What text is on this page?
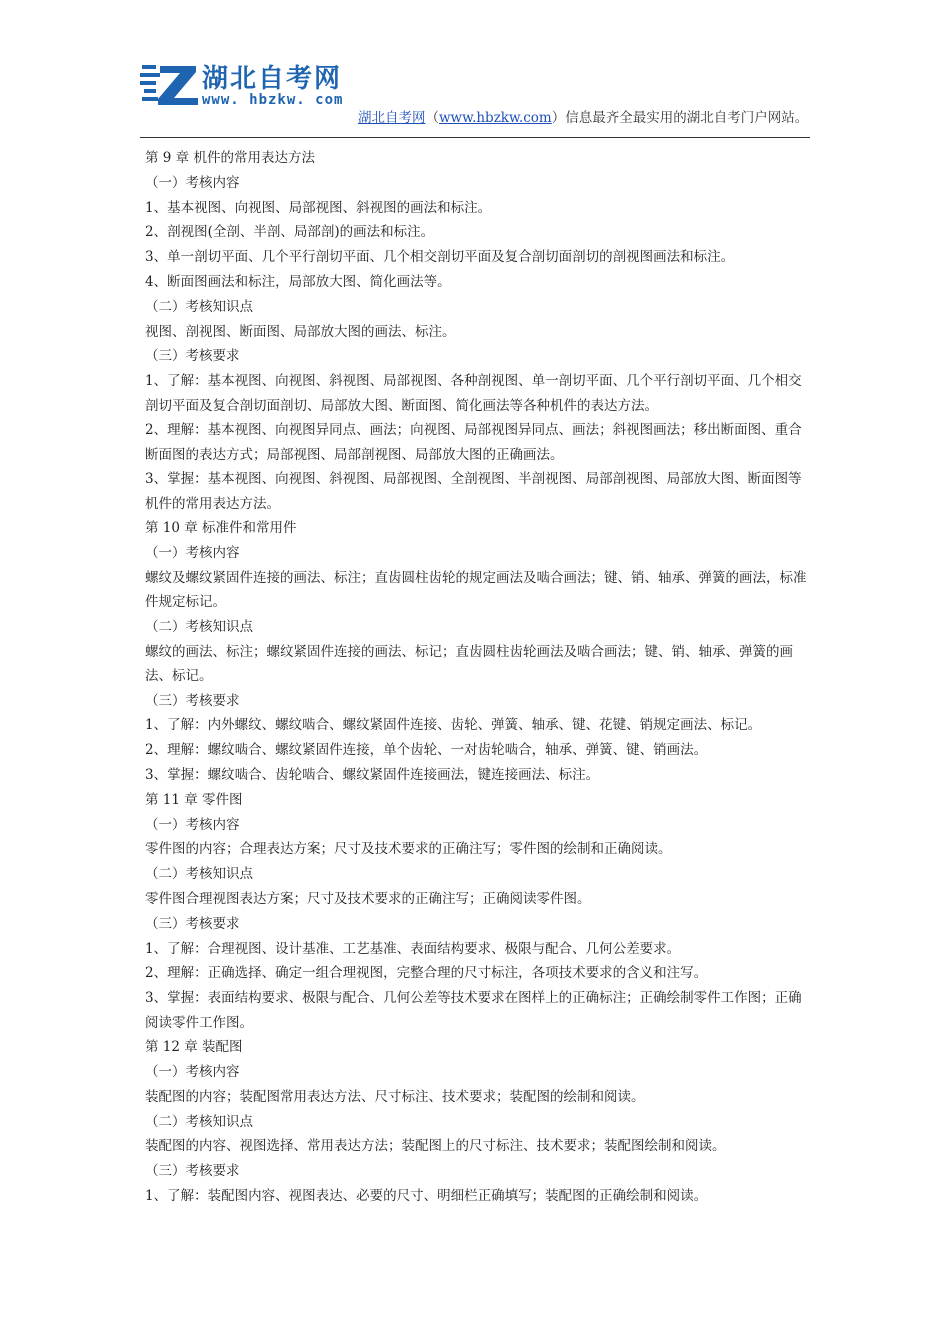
湖北自考网
www. hbzkw. com
湖北自考网（www.hbzkw.com）信息最齐全最实用的湖北自考门户网站。

第 9 章 机件的常用表达方法

（一）考核内容

1、基本视图、向视图、局部视图、斜视图的画法和标注。

2、剖视图(全剖、半剖、局部剖)的画法和标注。

3、单一剖切平面、几个平行剖切平面、几个相交剖切平面及复合剖切面剖切的剖视图画法和标注。

4、断面图画法和标注，局部放大图、简化画法等。

（二）考核知识点

视图、剖视图、断面图、局部放大图的画法、标注。

（三）考核要求

1、了解：基本视图、向视图、斜视图、局部视图、各种剖视图、单一剖切平面、几个平行剖切平面、几个相交剖切平面及复合剖切面剖切、局部放大图、断面图、简化画法等各种机件的表达方法。

2、理解：基本视图、向视图异同点、画法；向视图、局部视图异同点、画法；斜视图画法；移出断面图、重合断面图的表达方式；局部视图、局部剖视图、局部放大图的正确画法。

3、掌握：基本视图、向视图、斜视图、局部视图、全剖视图、半剖视图、局部剖视图、局部放大图、断面图等机件的常用表达方法。

第 10 章 标准件和常用件

（一）考核内容

螺纹及螺纹紧固件连接的画法、标注；直齿圆柱齿轮的规定画法及啮合画法；键、销、轴承、弹簧的画法，标准件规定标记。

（二）考核知识点

螺纹的画法、标注；螺纹紧固件连接的画法、标记；直齿圆柱齿轮画法及啮合画法；键、销、轴承、弹簧的画法、标记。

（三）考核要求

1、了解：内外螺纹、螺纹啮合、螺纹紧固件连接、齿轮、弹簧、轴承、键、花键、销规定画法、标记。

2、理解：螺纹啮合、螺纹紧固件连接，单个齿轮、一对齿轮啮合，轴承、弹簧、键、销画法。

3、掌握：螺纹啮合、齿轮啮合、螺纹紧固件连接画法，键连接画法、标注。

第 11 章 零件图

（一）考核内容

零件图的内容；合理表达方案；尺寸及技术要求的正确注写；零件图的绘制和正确阅读。

（二）考核知识点

零件图合理视图表达方案；尺寸及技术要求的正确注写；正确阅读零件图。

（三）考核要求

1、了解：合理视图、设计基准、工艺基准、表面结构要求、极限与配合、几何公差要求。

2、理解：正确选择、确定一组合理视图，完整合理的尺寸标注，各项技术要求的含义和注写。

3、掌握：表面结构要求、极限与配合、几何公差等技术要求在图样上的正确标注；正确绘制零件工作图；正确阅读零件工作图。

第 12 章 装配图

（一）考核内容

装配图的内容；装配图常用表达方法、尺寸标注、技术要求；装配图的绘制和阅读。

（二）考核知识点

装配图的内容、视图选择、常用表达方法；装配图上的尺寸标注、技术要求；装配图绘制和阅读。

（三）考核要求

1、了解：装配图内容、视图表达、必要的尺寸、明细栏正确填写；装配图的正确绘制和阅读。
